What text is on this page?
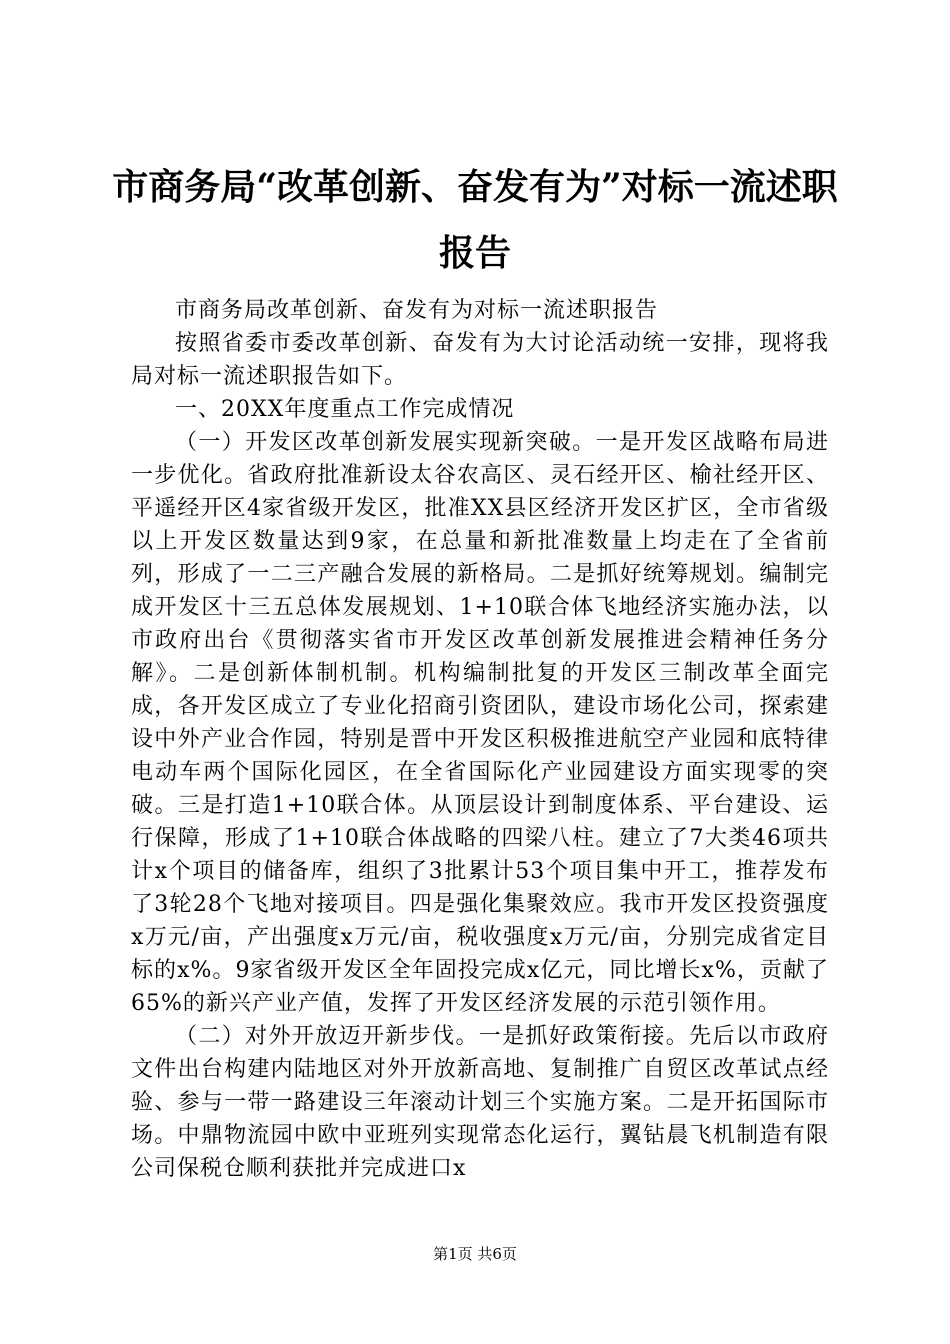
市商务局“改革创新、奋发有为”对标一流述职报告

市商务局改革创新、奋发有为对标一流述职报告

按照省委市委改革创新、奋发有为大讨论活动统一安排，现将我局对标一流述职报告如下。

一、20XX年度重点工作完成情况

（一）开发区改革创新发展实现新突破。一是开发区战略布局进一步优化。省政府批准新设太谷农高区、灵石经开区、榆社经开区、平遥经开区4家省级开发区，批准XX县区经济开发区扩区，全市省级以上开发区数量达到9家，在总量和新批准数量上均走在了全省前列，形成了一二三产融合发展的新格局。二是抓好统筹规划。编制完成开发区十三五总体发展规划、1+10联合体飞地经济实施办法，以市政府出台《贯彻落实省市开发区改革创新发展推进会精神任务分解》。二是创新体制机制。机构编制批复的开发区三制改革全面完成，各开发区成立了专业化招商引资团队，建设市场化公司，探索建设中外产业合作园，特别是晋中开发区积极推进航空产业园和底特律电动车两个国际化园区，在全省国际化产业园建设方面实现零的突破。三是打造1+10联合体。从顶层设计到制度体系、平台建设、运行保障，形成了1+10联合体战略的四梁八柱。建立了7大类46项共计x个项目的储备库，组织了3批累计53个项目集中开工，推荐发布了3轮28个飞地对接项目。四是强化集聚效应。我市开发区投资强度x万元/亩，产出强度x万元/亩，税收强度x万元/亩，分别完成省定目标的x%。9家省级开发区全年固投完成x亿元，同比增长x%，贡献了65%的新兴产业产值，发挥了开发区经济发展的示范引领作用。

（二）对外开放迈开新步伐。一是抓好政策衔接。先后以市政府文件出台构建内陆地区对外开放新高地、复制推广自贸区改革试点经验、参与一带一路建设三年滚动计划三个实施方案。二是开拓国际市场。中鼎物流园中欧中亚班列实现常态化运行，翼钻晨飞机制造有限公司保税仓顺利获批并完成进口x

第1页 共6页
